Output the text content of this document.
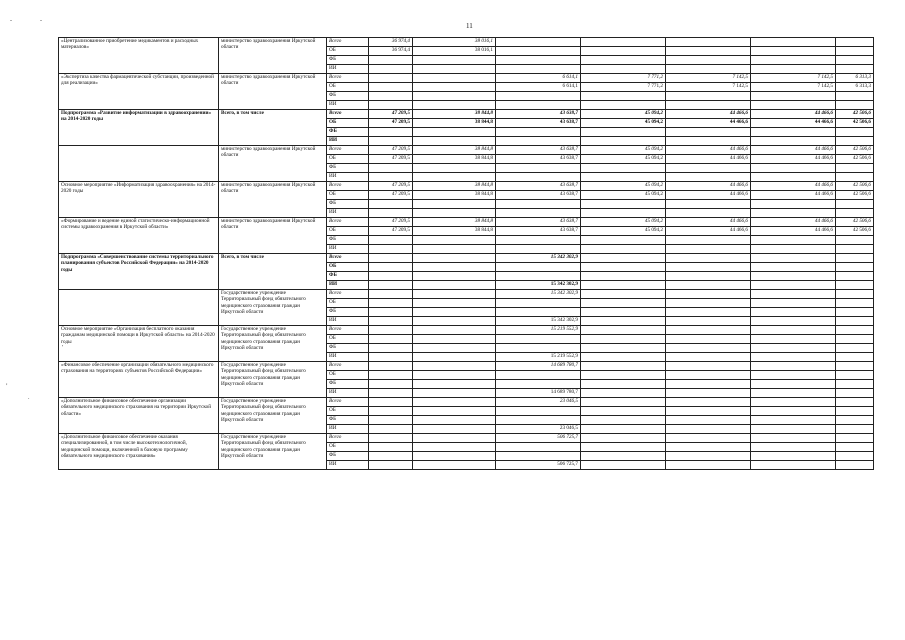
11
-
-
,
.
'
«Централизованное приобретение медикаментов и расходных материалов»	министерство здравоохранения Иркутской области	Всего	36 974,4	38 016,1					
		ОБ	36 974,4	38 016,1					
		ФБ							
		ИИ							
«Экспертиза качества фармацевтической субстанции, произведенной для реализации»	министерство здравоохранения Иркутской области	Всего			6 614,1	7 771,2	7 142,5	7 142,5	6 313,3
		ОБ			6 614,1	7 771,2	7 142,5	7 142,5	6 313,3
		ФБ							
		ИИ							
Подпрограмма «Развитие информатизации в здравоохранении» на 2014-2020 годы	Всего, в том числе	Всего	47 209,5	38 844,8	43 638,7	45 094,2	44 466,6	44 466,6	42 506,6
		ОБ	47 209,5	38 844,8	43 638,7	45 094,2	44 466,6	44 466,6	42 506,6
		ФБ							
		ИИ							
	министерство здравоохранения Иркутской области	Всего	47 209,5	38 844,8	43 638,7	45 094,2	44 466,6	44 466,6	42 506,6
		ОБ	47 209,5	38 844,8	43 638,7	45 094,2	44 466,6	44 466,6	42 506,6
		ФБ							
		ИИ							
Основное мероприятие «Информатизация здравоохранения» на 2014-2020 годы	министерство здравоохранения Иркутской области	Всего	47 209,5	38 844,8	43 638,7	45 094,2	44 466,6	44 466,6	42 506,6
		ОБ	47 209,5	38 844,8	43 638,7	45 094,2	44 466,6	44 466,6	42 506,6
		ФБ							
		ИИ							
«Формирование и ведение единой статистическо-информационной системы здравоохранения в Иркутской области»	министерство здравоохранения Иркутской области	Всего	47 209,5	38 844,8	43 638,7	45 094,2	44 466,6	44 466,6	42 506,6
		ОБ	47 209,5	38 844,8	43 638,7	45 094,2	44 466,6	44 466,6	42 506,6
		ФБ							
		ИИ							
Подпрограмма «Совершенствование системы территориального планирования субъектов Российской Федерации» на 2014-2020 годы	Всего, в том числе	Всего			15 342 302,9				
		ОБ							
		ФБ							
		ИИ			15 342 302,9				
	Государственное учреждение Территориальный фонд обязательного медицинского страхования граждан Иркутской области	Всего			15 342 302,9				
		ОБ							
		ФБ							
		ИИ			15 342 302,9				
Основное мероприятие «Организация бесплатного оказания гражданам медицинской помощи в Иркутской области» на 2014-2020 годы	Государственное учреждение Территориальный фонд обязательного медицинского страхования граждан Иркутской области	Всего			15 219 552,9				
		ОБ							
		ФБ							
		ИИ			15 219 552,9				
«Финансовое обеспечение организации обязательного медицинского страхования на территориях субъектов Российской Федерации»	Государственное учреждение Территориальный фонд обязательного медицинского страхования граждан Иркутской области	Всего			14 689 780,7				
		ОБ							
		ФБ							
		ИИ			14 689 780,7				
«Дополнительное финансовое обеспечение организации обязательного медицинского страхования на территории Иркутской области»	Государственное учреждение Территориальный фонд обязательного медицинского страхования граждан Иркутской области	Всего			23 046,5				
		ОБ							
		ФБ							
		ИИ			23 046,5				
«Дополнительное финансовое обеспечение оказания специализированной, в том числе высокотехнологичной, медицинской помощи, включенной в базовую программу обязательного медицинского страхования»	Государственное учреждение Территориальный фонд обязательного медицинского страхования граждан Иркутской области	Всего			506 725,7				
		ОБ							
		ФБ							
		ИИ			506 725,7				
